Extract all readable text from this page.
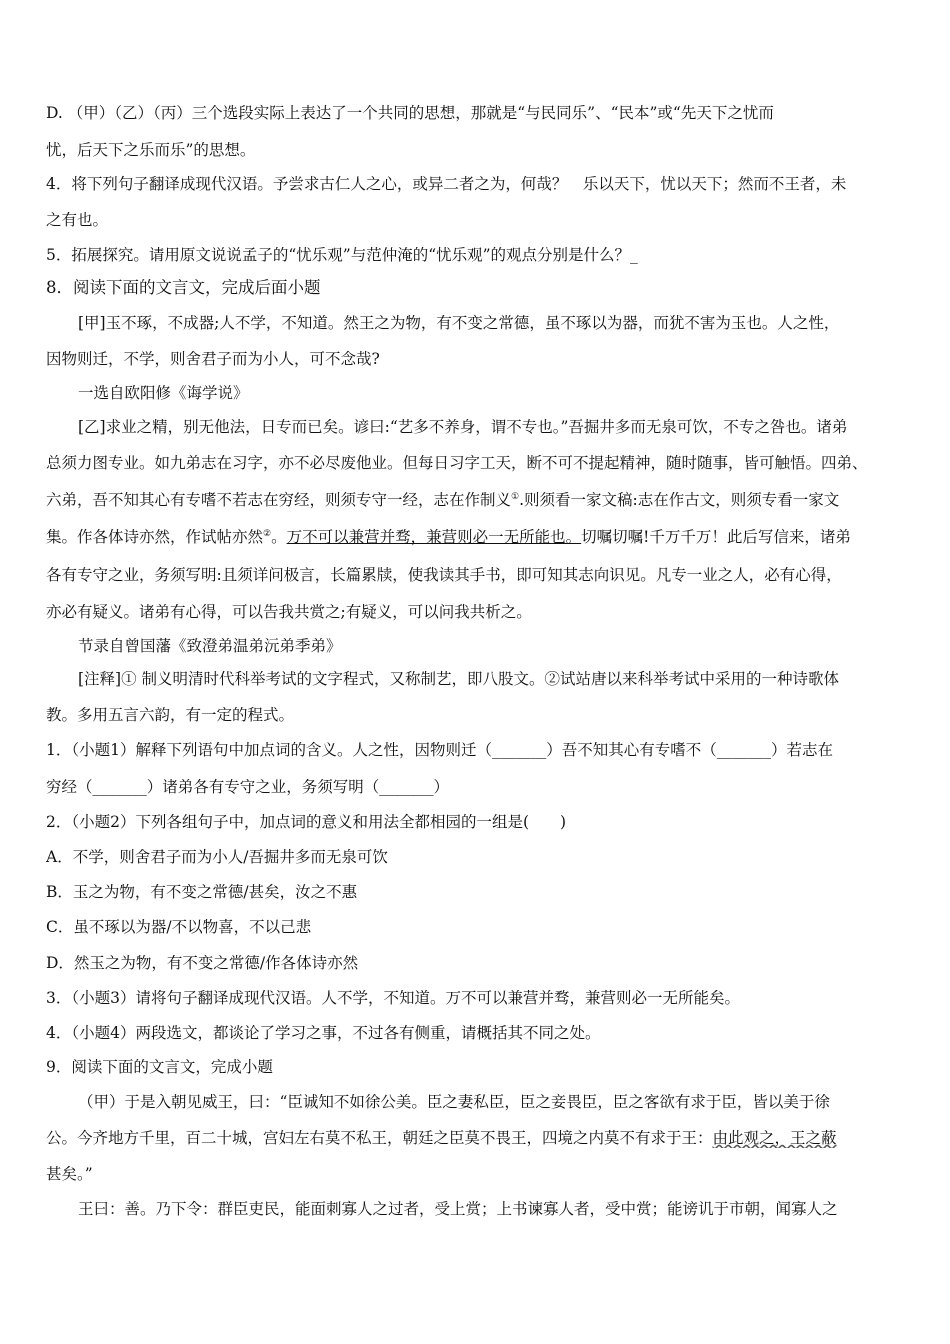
D. （甲）（乙）（丙）三个选段实际上表达了一个共同的思想，那就是“与民同乐”、“民本”或“先天下之忧而
忧，后天下之乐而乐”的思想。
4．将下列句子翻译成现代汉语。予尝求古仁人之心，或异二者之为，何哉？　乐以天下，忧以天下；然而不王者，未
之有也。
5．拓展探究。请用原文说说孟子的“忧乐观”与范仲淹的“忧乐观”的观点分别是什么？_
8．阅读下面的文言文，完成后面小题
[甲]玉不琢，不成器;人不学，不知道。然王之为物，有不变之常德，虽不琢以为器，而犹不害为玉也。人之性，
因物则迁，不学，则舍君子而为小人，可不念哉?
一选自欧阳修《诲学说》
[乙]求业之精，别无他法，日专而已矣。谚曰:“艺多不养身，谓不专也。”吾掘井多而无泉可饮，不专之咎也。诸弟
总须力图专业。如九弟志在习字，亦不必尽废他业。但每日习字工天，断不可不提起精神，随时随事，皆可触悟。四弟、
六弟，吾不知其心有专嗜不若志在穷经，则须专守一经，志在作制义①.则须看一家文稿:志在作古文，则须专看一家文
集。作各体诗亦然，作试帖亦然②。万不可以兼营并骛，兼营则必一无所能也。切嘱切嘱!千万千万！此后写信来，诸弟
各有专守之业，务须写明:且须详问极言，长篇累牍，使我读其手书，即可知其志向识见。凡专一业之人，必有心得，
亦必有疑义。诸弟有心得，可以告我共赏之;有疑义，可以问我共析之。
节录自曾国藩《致澄弟温弟沅弟季弟》
[注释]① 制义明清时代科举考试的文字程式，又称制艺，即八股文。②试站唐以来科举考试中采用的一种诗歌体
教。多用五言六韵，有一定的程式。
1．（小题1）解释下列语句中加点词的含义。人之性，因物则迁（_______）吾不知其心有专嗜不（_______）若志在
穷经（_______）诸弟各有专守之业，务须写明（_______）
2．（小题2）下列各组句子中，加点词的意义和用法全都相园的一组是(　　)
A．不学，则舍君子而为小人/吾掘井多而无泉可饮
B．玉之为物，有不变之常德/甚矣，汝之不惠
C．虽不琢以为器/不以物喜，不以己悲
D．然玉之为物，有不变之常德/作各体诗亦然
3．（小题3）请将句子翻译成现代汉语。人不学，不知道。万不可以兼营并骛，兼营则必一无所能矣。
4．（小题4）两段选文，都谈论了学习之事，不过各有侧重，请概括其不同之处。
9．阅读下面的文言文，完成小题
（甲）于是入朝见威王，曰：“臣诚知不如徐公美。臣之妻私臣，臣之妾畏臣，臣之客欲有求于臣，皆以美于徐
公。今齐地方千里，百二十城，宫妇左右莫不私王，朝廷之臣莫不畏王，四境之内莫不有求于王：由此观之，王之蔽
甚矣。”
王曰：善。乃下令：群臣吏民，能面刺寡人之过者，受上赏；上书谏寡人者，受中赏；能谤讥于市朝，闻寡人之
